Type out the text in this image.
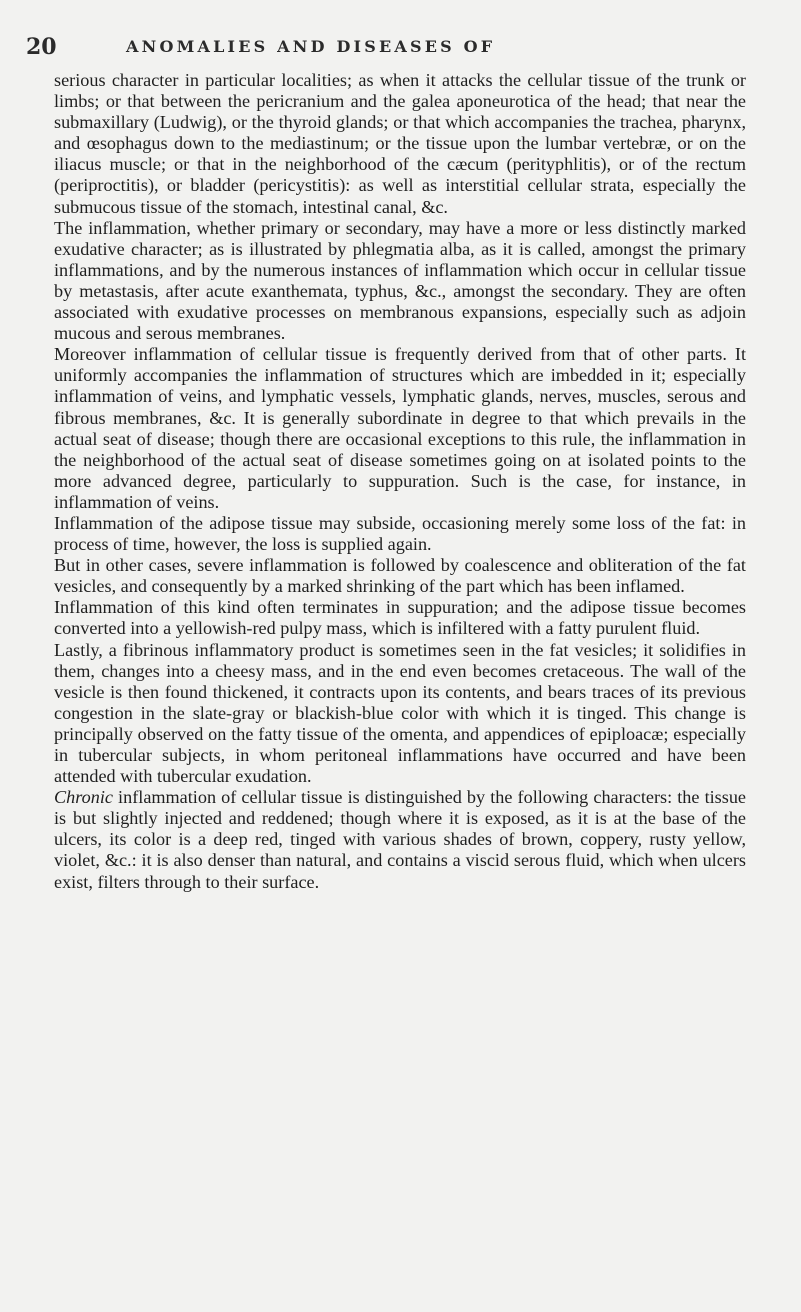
20	ANOMALIES AND DISEASES OF

serious character in particular localities; as when it attacks the cellular tissue of the trunk or limbs; or that between the pericranium and the galea aponeurotica of the head; that near the submaxillary (Ludwig), or the thyroid glands; or that which accompanies the trachea, pharynx, and œsophagus down to the mediastinum; or the tissue upon the lumbar vertebræ, or on the iliacus muscle; or that in the neighborhood of the cæcum (perityphlitis), or of the rectum (periproctitis), or bladder (pericystitis): as well as interstitial cellular strata, especially the submucous tissue of the stomach, intestinal canal, &c.

The inflammation, whether primary or secondary, may have a more or less distinctly marked exudative character; as is illustrated by phlegmatia alba, as it is called, amongst the primary inflammations, and by the numerous instances of inflammation which occur in cellular tissue by metastasis, after acute exanthemata, typhus, &c., amongst the secondary. They are often associated with exudative processes on membranous expansions, especially such as adjoin mucous and serous membranes.

Moreover inflammation of cellular tissue is frequently derived from that of other parts. It uniformly accompanies the inflammation of structures which are imbedded in it; especially inflammation of veins, and lymphatic vessels, lymphatic glands, nerves, muscles, serous and fibrous membranes, &c. It is generally subordinate in degree to that which prevails in the actual seat of disease; though there are occasional exceptions to this rule, the inflammation in the neighborhood of the actual seat of disease sometimes going on at isolated points to the more advanced degree, particularly to suppuration. Such is the case, for instance, in inflammation of veins.

Inflammation of the adipose tissue may subside, occasioning merely some loss of the fat: in process of time, however, the loss is supplied again.

But in other cases, severe inflammation is followed by coalescence and obliteration of the fat vesicles, and consequently by a marked shrinking of the part which has been inflamed.

Inflammation of this kind often terminates in suppuration; and the adipose tissue becomes converted into a yellowish-red pulpy mass, which is infiltered with a fatty purulent fluid.

Lastly, a fibrinous inflammatory product is sometimes seen in the fat vesicles; it solidifies in them, changes into a cheesy mass, and in the end even becomes cretaceous. The wall of the vesicle is then found thickened, it contracts upon its contents, and bears traces of its previous congestion in the slate-gray or blackish-blue color with which it is tinged. This change is principally observed on the fatty tissue of the omenta, and appendices of epiploacæ; especially in tubercular subjects, in whom peritoneal inflammations have occurred and have been attended with tubercular exudation.

Chronic inflammation of cellular tissue is distinguished by the following characters: the tissue is but slightly injected and reddened; though where it is exposed, as it is at the base of the ulcers, its color is a deep red, tinged with various shades of brown, coppery, rusty yellow, violet, &c.: it is also denser than natural, and contains a viscid serous fluid, which when ulcers exist, filters through to their surface.
